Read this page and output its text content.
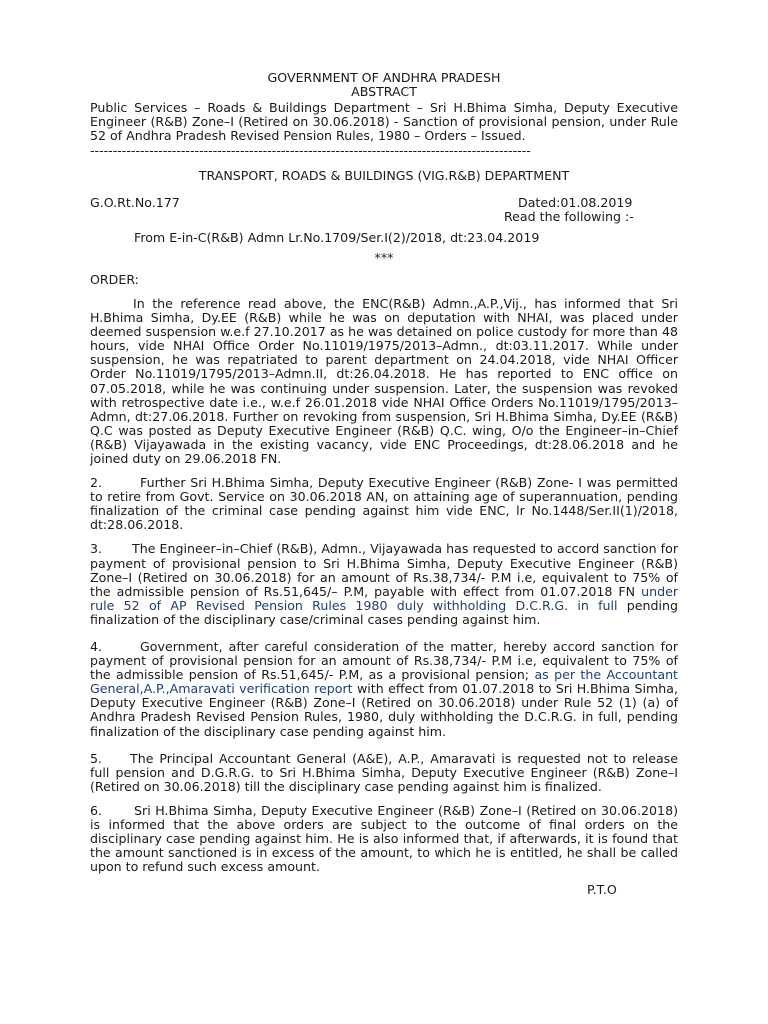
GOVERNMENT OF ANDHRA PRADESH
ABSTRACT

Public Services – Roads & Buildings Department – Sri H.Bhima Simha, Deputy Executive Engineer (R&B) Zone–I (Retired on 30.06.2018) - Sanction of provisional pension, under Rule 52 of Andhra Pradesh Revised Pension Rules, 1980 – Orders – Issued.

-------------------------------------------------------------------------------------------------
TRANSPORT, ROADS & BUILDINGS (VIG.R&B) DEPARTMENT
G.O.Rt.No.177	Dated:01.08.2019
Read the following :-
From E-in-C(R&B) Admn Lr.No.1709/Ser.I(2)/2018, dt:23.04.2019
***
ORDER:

In the reference read above, the ENC(R&B) Admn.,A.P.,Vij., has informed that Sri H.Bhima Simha, Dy.EE (R&B) while he was on deputation with NHAI, was placed under deemed suspension w.e.f 27.10.2017 as he was detained on police custody for more than 48 hours, vide NHAI Office Order No.11019/1975/2013–Admn., dt:03.11.2017. While under suspension, he was repatriated to parent department on 24.04.2018, vide NHAI Officer Order No.11019/1795/2013–Admn.II, dt:26.04.2018. He has reported to ENC office on 07.05.2018, while he was continuing under suspension. Later, the suspension was revoked with retrospective date i.e., w.e.f 26.01.2018 vide NHAI Office Orders No.11019/1795/2013–Admn, dt:27.06.2018. Further on revoking from suspension, Sri H.Bhima Simha, Dy.EE (R&B) Q.C was posted as Deputy Executive Engineer (R&B) Q.C. wing, O/o the Engineer–in–Chief (R&B) Vijayawada in the existing vacancy, vide ENC Proceedings, dt:28.06.2018 and he joined duty on 29.06.2018 FN.

2.	Further Sri H.Bhima Simha, Deputy Executive Engineer (R&B) Zone- I was permitted to retire from Govt. Service on 30.06.2018 AN, on attaining age of superannuation, pending finalization of the criminal case pending against him vide ENC, lr No.1448/Ser.II(1)/2018, dt:28.06.2018.

3. The Engineer–in–Chief (R&B), Admn., Vijayawada has requested to accord sanction for payment of provisional pension to Sri H.Bhima Simha, Deputy Executive Engineer (R&B) Zone–I (Retired on 30.06.2018) for an amount of Rs.38,734/- P.M i.e, equivalent to 75% of the admissible pension of Rs.51,645/– P.M, payable with effect from 01.07.2018 FN under rule 52 of AP Revised Pension Rules 1980 duly withholding D.C.R.G. in full pending finalization of the disciplinary case/criminal cases pending against him.

4.	Government, after careful consideration of the matter, hereby accord sanction for payment of provisional pension for an amount of Rs.38,734/- P.M i.e, equivalent to 75% of the admissible pension of Rs.51,645/- P.M, as a provisional pension; as per the Accountant General,A.P.,Amaravati verification report with effect from 01.07.2018 to Sri H.Bhima Simha, Deputy Executive Engineer (R&B) Zone–I (Retired on 30.06.2018) under Rule 52 (1) (a) of Andhra Pradesh Revised Pension Rules, 1980, duly withholding the D.C.R.G. in full, pending finalization of the disciplinary case pending against him.

5. The Principal Accountant General (A&E), A.P., Amaravati is requested not to release full pension and D.G.R.G. to Sri H.Bhima Simha, Deputy Executive Engineer (R&B) Zone–I (Retired on 30.06.2018) till the disciplinary case pending against him is finalized.

6.	Sri H.Bhima Simha, Deputy Executive Engineer (R&B) Zone–I (Retired on 30.06.2018) is informed that the above orders are subject to the outcome of final orders on the disciplinary case pending against him. He is also informed that, if afterwards, it is found that the amount sanctioned is in excess of the amount, to which he is entitled, he shall be called upon to refund such excess amount.

P.T.O
